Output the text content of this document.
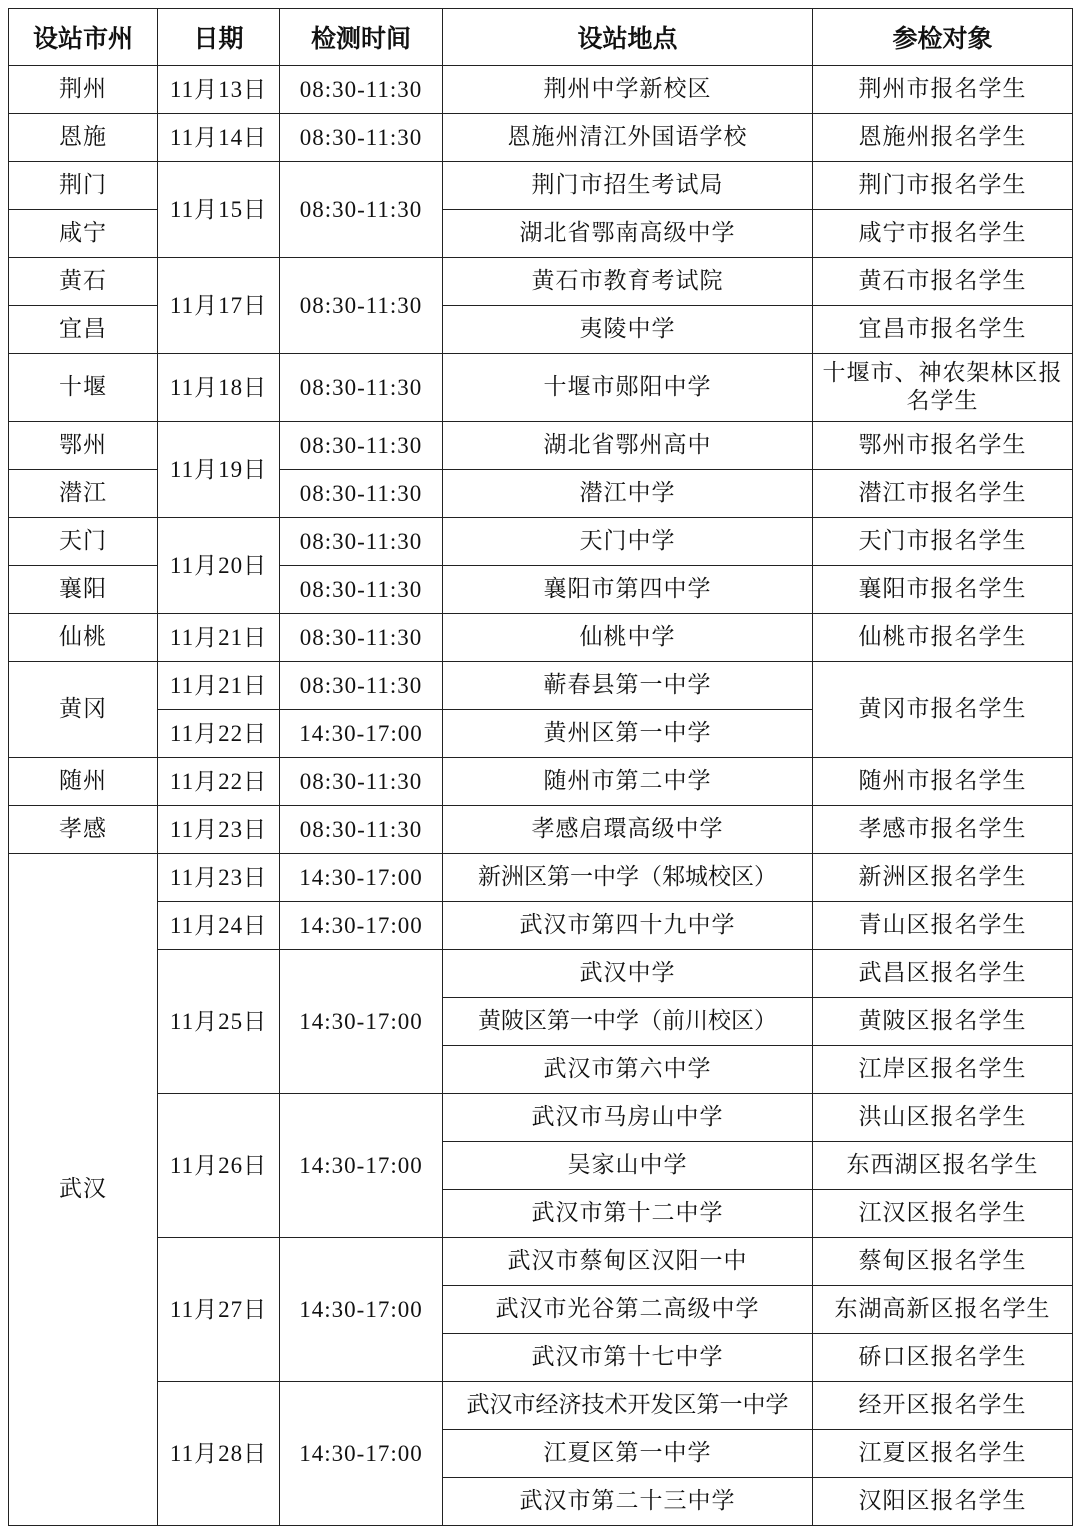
设站市州	日期	检测时间	设站地点	参检对象
荆州	11月13日	08:30-11:30	荆州中学新校区	荆州市报名学生
恩施	11月14日	08:30-11:30	恩施州清江外国语学校	恩施州报名学生
荆门	11月15日	08:30-11:30	荆门市招生考试局	荆门市报名学生
咸宁			湖北省鄂南高级中学	咸宁市报名学生
黄石	11月17日	08:30-11:30	黄石市教育考试院	黄石市报名学生
宜昌			夷陵中学	宜昌市报名学生
十堰	11月18日	08:30-11:30	十堰市郧阳中学	十堰市、神农架林区报名学生
鄂州	11月19日	08:30-11:30	湖北省鄂州高中	鄂州市报名学生
潜江		08:30-11:30	潜江中学	潜江市报名学生
天门	11月20日	08:30-11:30	天门中学	天门市报名学生
襄阳		08:30-11:30	襄阳市第四中学	襄阳市报名学生
仙桃	11月21日	08:30-11:30	仙桃中学	仙桃市报名学生
黄冈	11月21日	08:30-11:30	蕲春县第一中学	黄冈市报名学生
	11月22日	14:30-17:00	黄州区第一中学	
随州	11月22日	08:30-11:30	随州市第二中学	随州市报名学生
孝感	11月23日	08:30-11:30	孝感启環高级中学	孝感市报名学生
武汉	11月23日	14:30-17:00	新洲区第一中学（邾城校区）	新洲区报名学生
	11月24日	14:30-17:00	武汉市第四十九中学	青山区报名学生
	11月25日	14:30-17:00	武汉中学	武昌区报名学生
			黄陂区第一中学（前川校区）	黄陂区报名学生
			武汉市第六中学	江岸区报名学生
	11月26日	14:30-17:00	武汉市马房山中学	洪山区报名学生
			吴家山中学	东西湖区报名学生
			武汉市第十二中学	江汉区报名学生
	11月27日	14:30-17:00	武汉市蔡甸区汉阳一中	蔡甸区报名学生
			武汉市光谷第二高级中学	东湖高新区报名学生
			武汉市第十七中学	硚口区报名学生
	11月28日	14:30-17:00	武汉市经济技术开发区第一中学	经开区报名学生
			江夏区第一中学	江夏区报名学生
			武汉市第二十三中学	汉阳区报名学生
